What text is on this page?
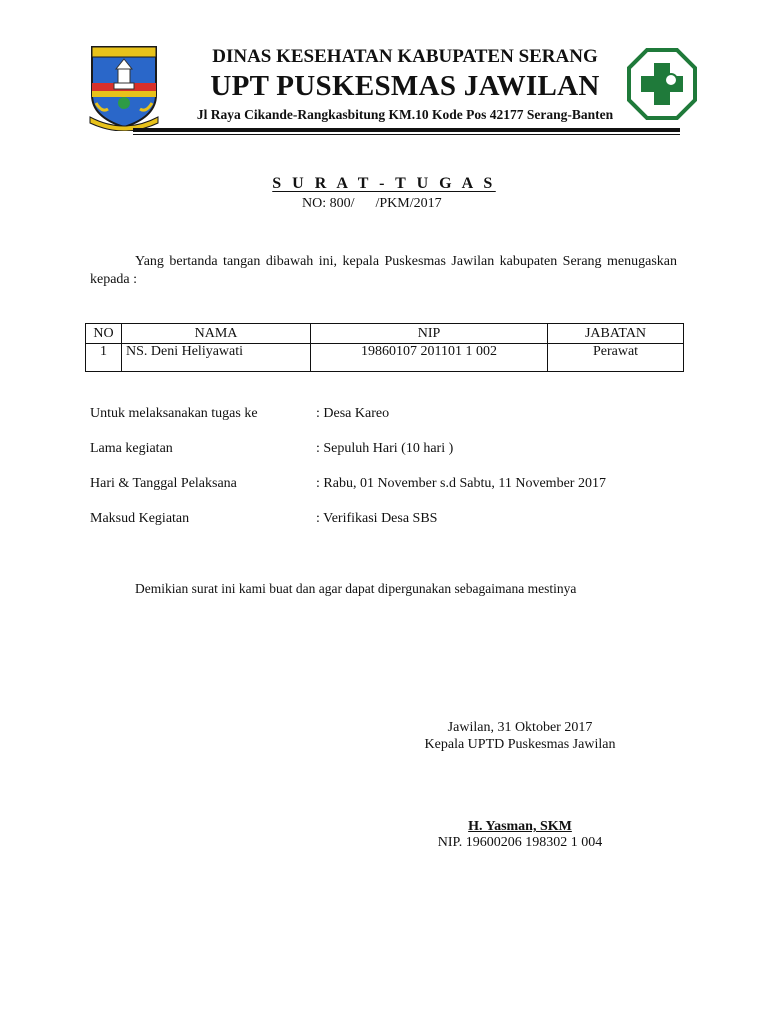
DINAS KESEHATAN KABUPATEN SERANG
UPT PUSKESMAS JAWILAN
Jl Raya Cikande-Rangkasbitung KM.10 Kode Pos 42177 Serang-Banten
S U R A T - T U G A S
NO: 800/      /PKM/2017
Yang bertanda tangan dibawah ini, kepala Puskesmas Jawilan kabupaten Serang menugaskan kepada :
NO	NAMA	NIP	JABATAN
1	NS. Deni Heliyawati	19860107 201101 1 002	Perawat
Untuk melaksanakan tugas ke	: Desa Kareo
Lama kegiatan	: Sepuluh Hari (10 hari )
Hari & Tanggal Pelaksana	: Rabu, 01 November s.d Sabtu, 11 November 2017
Maksud Kegiatan	: Verifikasi Desa SBS
Demikian surat ini kami buat dan agar dapat dipergunakan sebagaimana mestinya
Jawilan, 31 Oktober 2017
Kepala UPTD Puskesmas Jawilan
H. Yasman, SKM
NIP. 19600206 198302 1 004
